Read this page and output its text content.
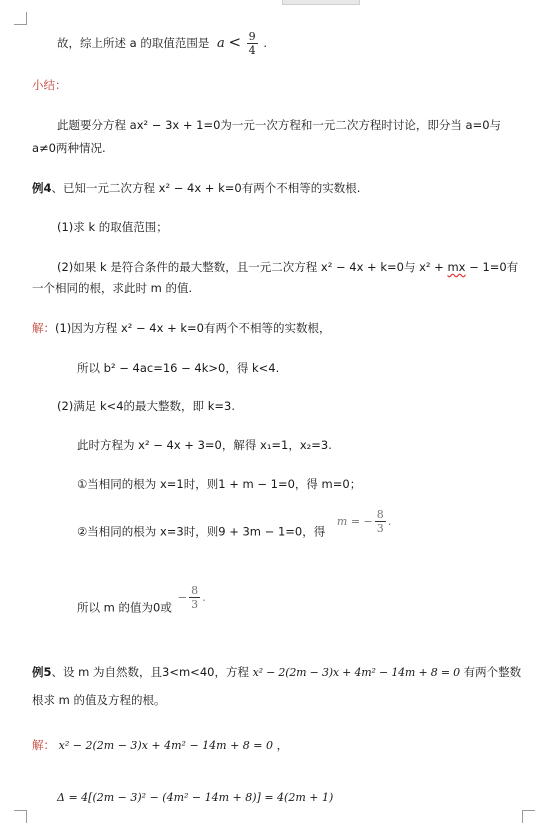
故，综上所述 a 的取值范围是 $a < \frac{9}{4}$ .
小结：
此题要分方程 ax² − 3x + 1=0为一元一次方程和一元二次方程时讨论，即分当 a=0与
a≠0两种情况.
例4、已知一元二次方程 x² − 4x + k=0有两个不相等的实数根.
(1)求 k 的取值范围；
(2)如果 k 是符合条件的最大整数，且一元二次方程 x² − 4x + k=0与 x² + mx − 1=0有
一个相同的根，求此时 m 的值.
解：(1)因为方程 x² − 4x + k=0有两个不相等的实数根，
所以 b² − 4ac=16 − 4k>0，得 k<4.
(2)满足 k<4的最大整数，即 k=3.
此时方程为 x² − 4x + 3=0，解得 x₁=1，x₂=3.
①当相同的根为 x=1时，则1 + m − 1=0，得 m=0；
②当相同的根为 x=3时，则9 + 3m − 1=0，得 m = − $\frac{8}{3}$ .
所以 m 的值为0或 − $\frac{8}{3}$ .
例5、设 m 为自然数，且3<m<40，方程 x² − 2(2m − 3)x + 4m² − 14m + 8 = 0 有两个整数
根求 m 的值及方程的根。
解： x² − 2(2m − 3)x + 4m² − 14m + 8 = 0 ，
Δ = 4[(2m − 3)² − (4m² − 14m + 8)] = 4(2m + 1)
